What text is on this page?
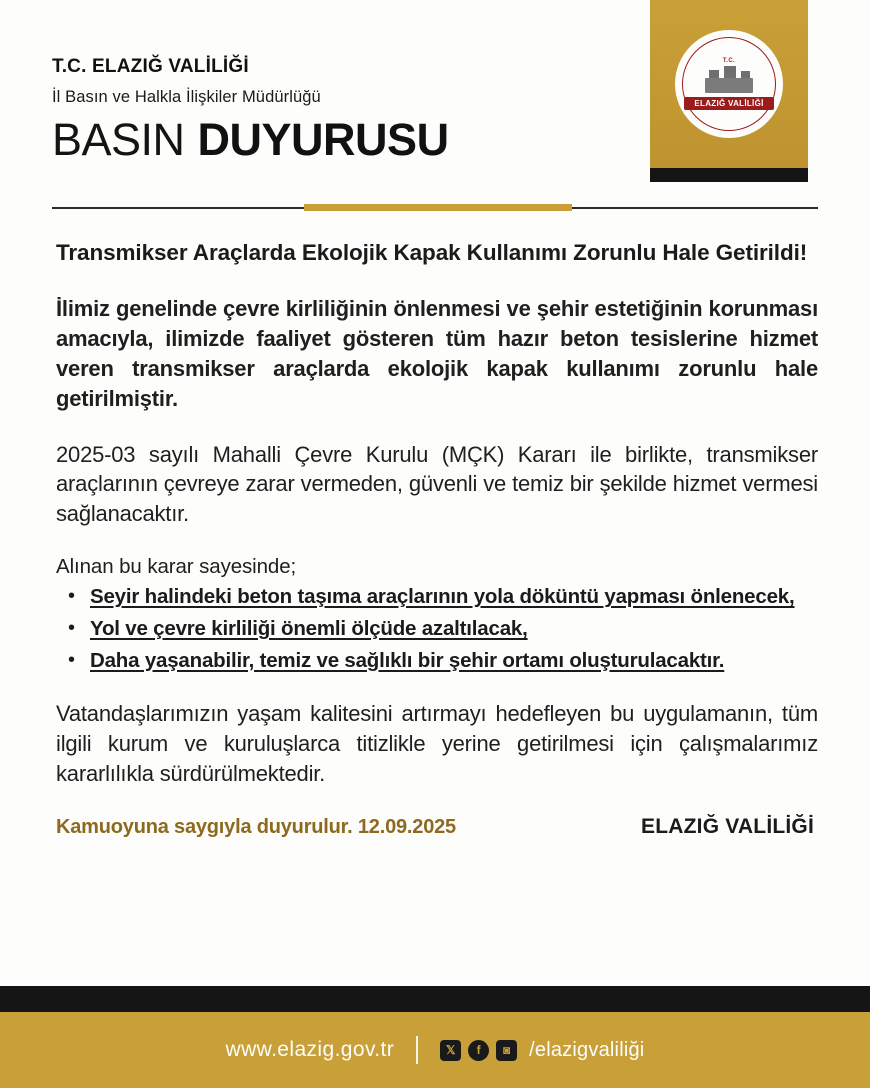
T.C. ELAZIĞ VALİLİĞİ
İl Basın ve Halkla İlişkiler Müdürlüğü
BASIN DUYURUSU
T.C.
ELAZIĞ VALİLİĞİ

Transmikser Araçlarda Ekolojik Kapak Kullanımı Zorunlu Hale Getirildi!

İlimiz genelinde çevre kirliliğinin önlenmesi ve şehir estetiğinin korunması amacıyla, ilimizde faaliyet gösteren tüm hazır beton tesislerine hizmet veren transmikser araçlarda ekolojik kapak kullanımı zorunlu hale getirilmiştir.

2025-03 sayılı Mahalli Çevre Kurulu (MÇK) Kararı ile birlikte, transmikser araçlarının çevreye zarar vermeden, güvenli ve temiz bir şekilde hizmet vermesi sağlanacaktır.

Alınan bu karar sayesinde;

• Seyir halindeki beton taşıma araçlarının yola döküntü yapması önlenecek,
• Yol ve çevre kirliliği önemli ölçüde azaltılacak,
• Daha yaşanabilir, temiz ve sağlıklı bir şehir ortamı oluşturulacaktır.

Vatandaşlarımızın yaşam kalitesini artırmayı hedefleyen bu uygulamanın, tüm ilgili kurum ve kuruluşlarca titizlikle yerine getirilmesi için çalışmalarımız kararlılıkla sürdürülmektedir.

Kamuoyuna saygıyla duyurulur. 12.09.2025	ELAZIĞ VALİLİĞİ
www.elazig.gov.tr	𝕏	f	◙ /elazigvaliliği
